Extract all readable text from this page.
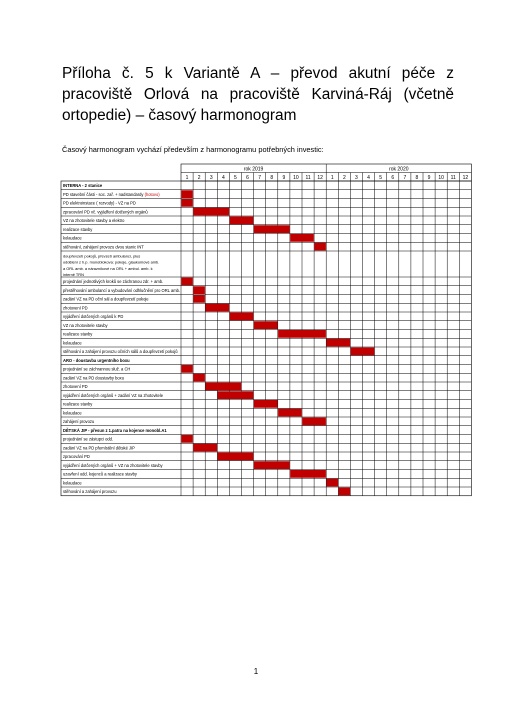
Příloha č. 5 k Variantě A – převod akutní péče z pracoviště Orlová na pracoviště Karviná-Ráj (včetně ortopedie) – časový harmonogram
Časový harmonogram vychází především z harmonogramu potřebných investic:
rok 2019	rok 2020
1 2 3 4 5 6 7 8 9 10 11 12 1 2 3 4 5 6 7 8 9 10 11 12
INTERNA - 2 stanice
PD stavební části - soc. zař. + nadstandardy (hotovo)
PD elektroinstace ( rozvody) - VZ na PD
zpracování PD vč. vyjádření dotčených orgánů
VZ na zhotovitele stavby a elektro
realizace stavby
kolaudace
stěhování, zahájení provozu dvou stanic INT
doupřevzetí pokojů, převzetí ambulancí, plus oddělení z h.p. monoblokova: pokoje, glaukomové amb. a ORL amb. a nárazníkové na ORL + ambul. amb. k interně TRN
projednání jednotlivých kroků se záchranou zdr. + amb.
přestěhování ambulancí a vybudování odhlučnění pro ORL amb.
zadání VZ na PD oční sál a doupřevzetí pokoje
zhotovení PD
vyjádření dotčených orgánů k PD
VZ na zhotovitele stavby
realizace stavby
kolaudace
stěhování a zahájení provozu očních sálů a doupřevzetí pokojů
ARO - doustavba urgentního boxu
projednání se záchrannou služ. a CH
zadání VZ na PD doustavby boxu
zhotovení PD
vyjádření dotčených orgánů + zadání VZ na zhotovitele
realizace stavby
kolaudace
zahájení provozu
DĚTSKÁ JIP - přesun z 1.patra na kojence monobl.A1
projednání se zástupci odd.
zadání VZ na PD přemístění dětské JIP
zpracování PD
vyjádření dotčených orgánů + VZ na zhotovitele stavby
uzavření odd. kojenců a realizace stavby
kolaudace
stěhování a zahájení provozu
1
